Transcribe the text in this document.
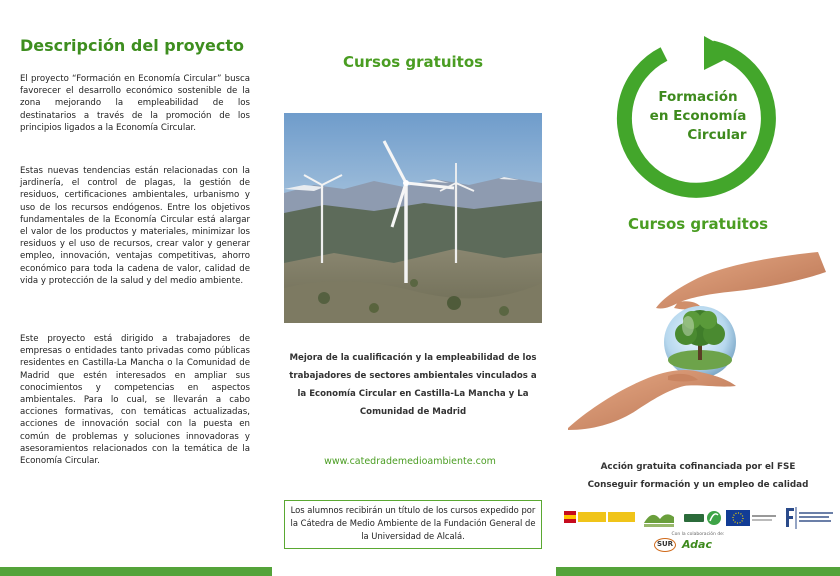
Descripción del proyecto

El proyecto “Formación en Economía Circular” busca favorecer el desarrollo económico sostenible de la zona mejorando la empleabilidad de los destinatarios a través de la promoción de los principios ligados a la Economía Circular.

Estas nuevas tendencias están relacionadas con la jardinería, el control de plagas, la gestión de residuos, certificaciones ambientales, urbanismo y uso de los recursos endógenos. Entre los objetivos fundamentales de la Economía Circular está alargar el valor de los productos y materiales, minimizar los residuos y el uso de recursos, crear valor y generar empleo, innovación, ventajas competitivas, ahorro económico para toda la cadena de valor, calidad de vida y protección de la salud y del medio ambiente.

Este proyecto está dirigido a trabajadores de empresas o entidades tanto privadas como públicas residentes en Castilla-La Mancha o la Comunidad de Madrid que estén interesados en ampliar sus conocimientos y competencias en aspectos ambientales. Para lo cual, se llevarán a cabo acciones formativas, con temáticas actualizadas, acciones de innovación social con la puesta en común de problemas y soluciones innovadoras y asesoramientos relacionados con la temática de la Economía Circular.

Cursos gratuitos
Mejora de la cualificación y la empleabilidad de los trabajadores de sectores ambientales vinculados a la Economía Circular en Castilla-La Mancha y La Comunidad de Madrid
www.catedrademedioambiente.com
Los alumnos recibirán un título de los cursos expedido por la Cátedra de Medio Ambiente de la Fundación General de la Universidad de Alcalá.
Formación
en Economía
Circular
Cursos gratuitos
Acción gratuita cofinanciada por el FSE
Conseguir formación y un empleo de calidad
Con la colaboración de:
SUR Adac
